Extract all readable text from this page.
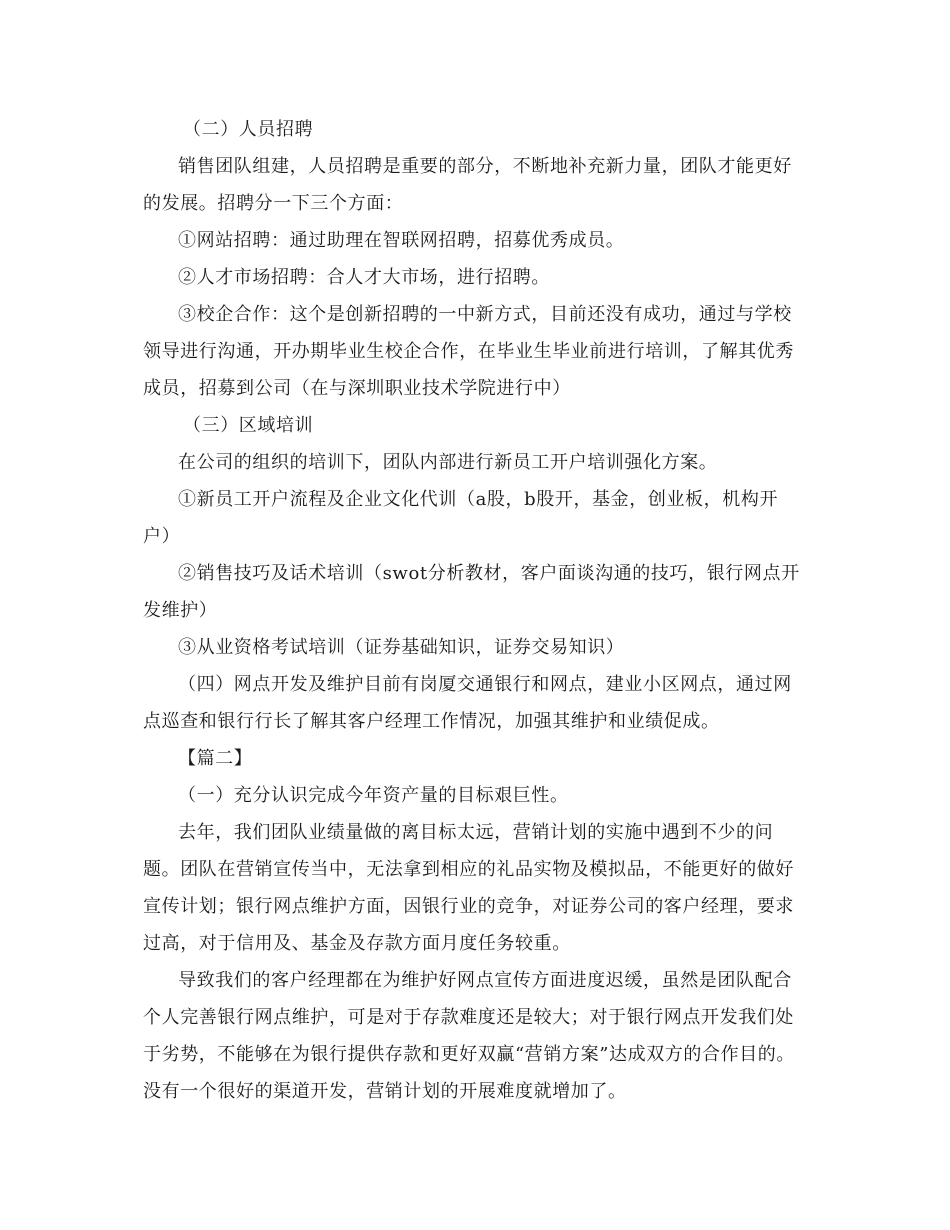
（二）人员招聘
销售团队组建，人员招聘是重要的部分，不断地补充新力量，团队才能更好
的发展。招聘分一下三个方面：
①网站招聘：通过助理在智联网招聘，招募优秀成员。
②人才市场招聘：合人才大市场，进行招聘。
③校企合作：这个是创新招聘的一中新方式，目前还没有成功，通过与学校
领导进行沟通，开办期毕业生校企合作，在毕业生毕业前进行培训，了解其优秀
成员，招募到公司（在与深圳职业技术学院进行中）
（三）区域培训
在公司的组织的培训下，团队内部进行新员工开户培训强化方案。
①新员工开户流程及企业文化代训（a股，b股开，基金，创业板，机构开
户）
②销售技巧及话术培训（swot分析教材，客户面谈沟通的技巧，银行网点开
发维护）
③从业资格考试培训（证券基础知识，证券交易知识）
（四）网点开发及维护目前有岗厦交通银行和网点，建业小区网点，通过网
点巡查和银行行长了解其客户经理工作情况，加强其维护和业绩促成。
【篇二】
（一）充分认识完成今年资产量的目标艰巨性。
去年，我们团队业绩量做的离目标太远，营销计划的实施中遇到不少的问
题。团队在营销宣传当中，无法拿到相应的礼品实物及模拟品，不能更好的做好
宣传计划；银行网点维护方面，因银行业的竞争，对证券公司的客户经理，要求
过高，对于信用及、基金及存款方面月度任务较重。
导致我们的客户经理都在为维护好网点宣传方面进度迟缓，虽然是团队配合
个人完善银行网点维护，可是对于存款难度还是较大；对于银行网点开发我们处
于劣势，不能够在为银行提供存款和更好双赢“营销方案”达成双方的合作目的。
没有一个很好的渠道开发，营销计划的开展难度就增加了。
